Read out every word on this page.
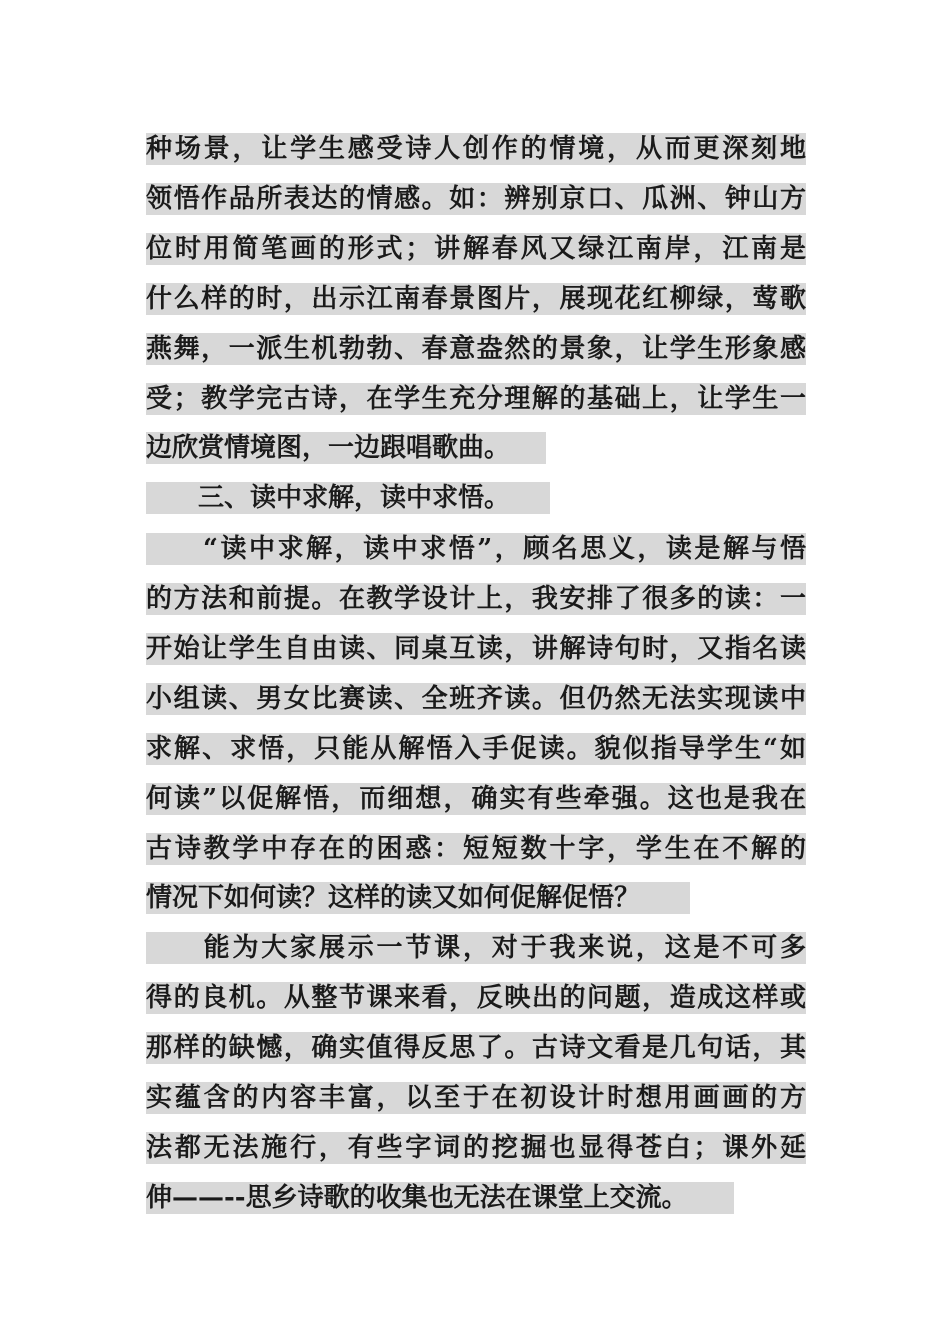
种场景，让学生感受诗人创作的情境，从而更深刻地
领悟作品所表达的情感。如：辨别京口、瓜洲、钟山方
位时用简笔画的形式；讲解春风又绿江南岸，江南是
什么样的时，出示江南春景图片，展现花红柳绿，莺歌
燕舞，一派生机勃勃、春意盎然的景象，让学生形象感
受；教学完古诗，在学生充分理解的基础上，让学生一
边欣赏情境图，一边跟唱歌曲。
　　三、读中求解，读中求悟。
　　“读中求解，读中求悟”，顾名思义，读是解与悟
的方法和前提。在教学设计上，我安排了很多的读：一
开始让学生自由读、同桌互读，讲解诗句时，又指名读
小组读、男女比赛读、全班齐读。但仍然无法实现读中
求解、求悟，只能从解悟入手促读。貌似指导学生“如
何读”以促解悟，而细想，确实有些牵强。这也是我在
古诗教学中存在的困惑：短短数十字，学生在不解的
情况下如何读？这样的读又如何促解促悟？
　　能为大家展示一节课，对于我来说，这是不可多
得的良机。从整节课来看，反映出的问题，造成这样或
那样的缺憾，确实值得反思了。古诗文看是几句话，其
实蕴含的内容丰富，以至于在初设计时想用画画的方
法都无法施行，有些字词的挖掘也显得苍白；课外延
伸——--思乡诗歌的收集也无法在课堂上交流。
